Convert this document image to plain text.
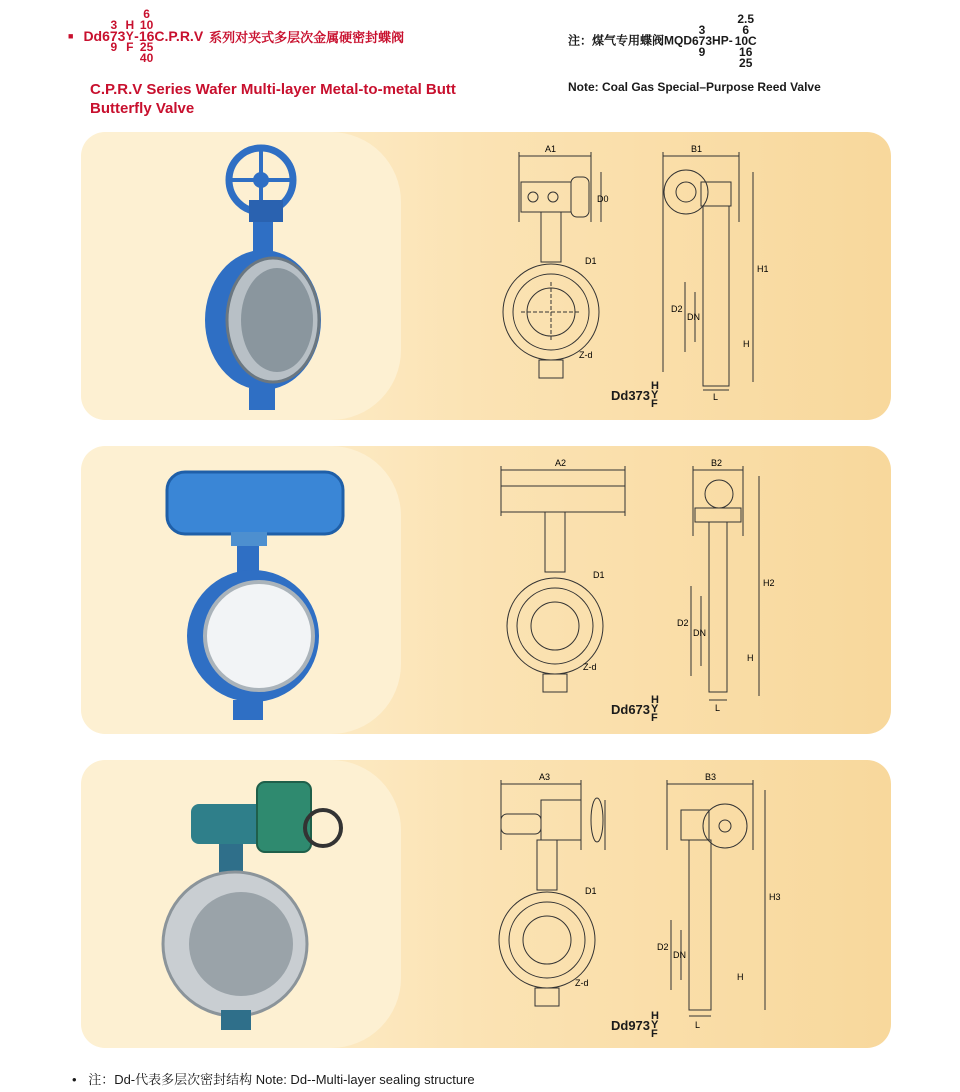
■ Dd
3
673
9
H
Y
F
-
6
10
16
25
40
C.P.R.V 系列对夹式多层次金属硬密封蝶阀
C.P.R.V Series Wafer Multi-layer Metal-to-metal Butt
Butterfly Valve
注：煤气专用蝶阀MQD
3
673
9
HP-
2.5
6
10C
16
25
Note: Coal Gas Special–Purpose Reed Valve
A1	B1
D0
D1
Z-d
H1
D2
DN
H
L
Dd373
H
Y
F
A2	B2
D1
Z-d
H2
D2
DN
H
L
Dd673
H
Y
F
A3	B3
D1
Z-d
H3
D2
DN
H
L
Dd973
H
Y
F
• 注：Dd-代表多层次密封结构 Note: Dd--Multi-layer sealing structure
